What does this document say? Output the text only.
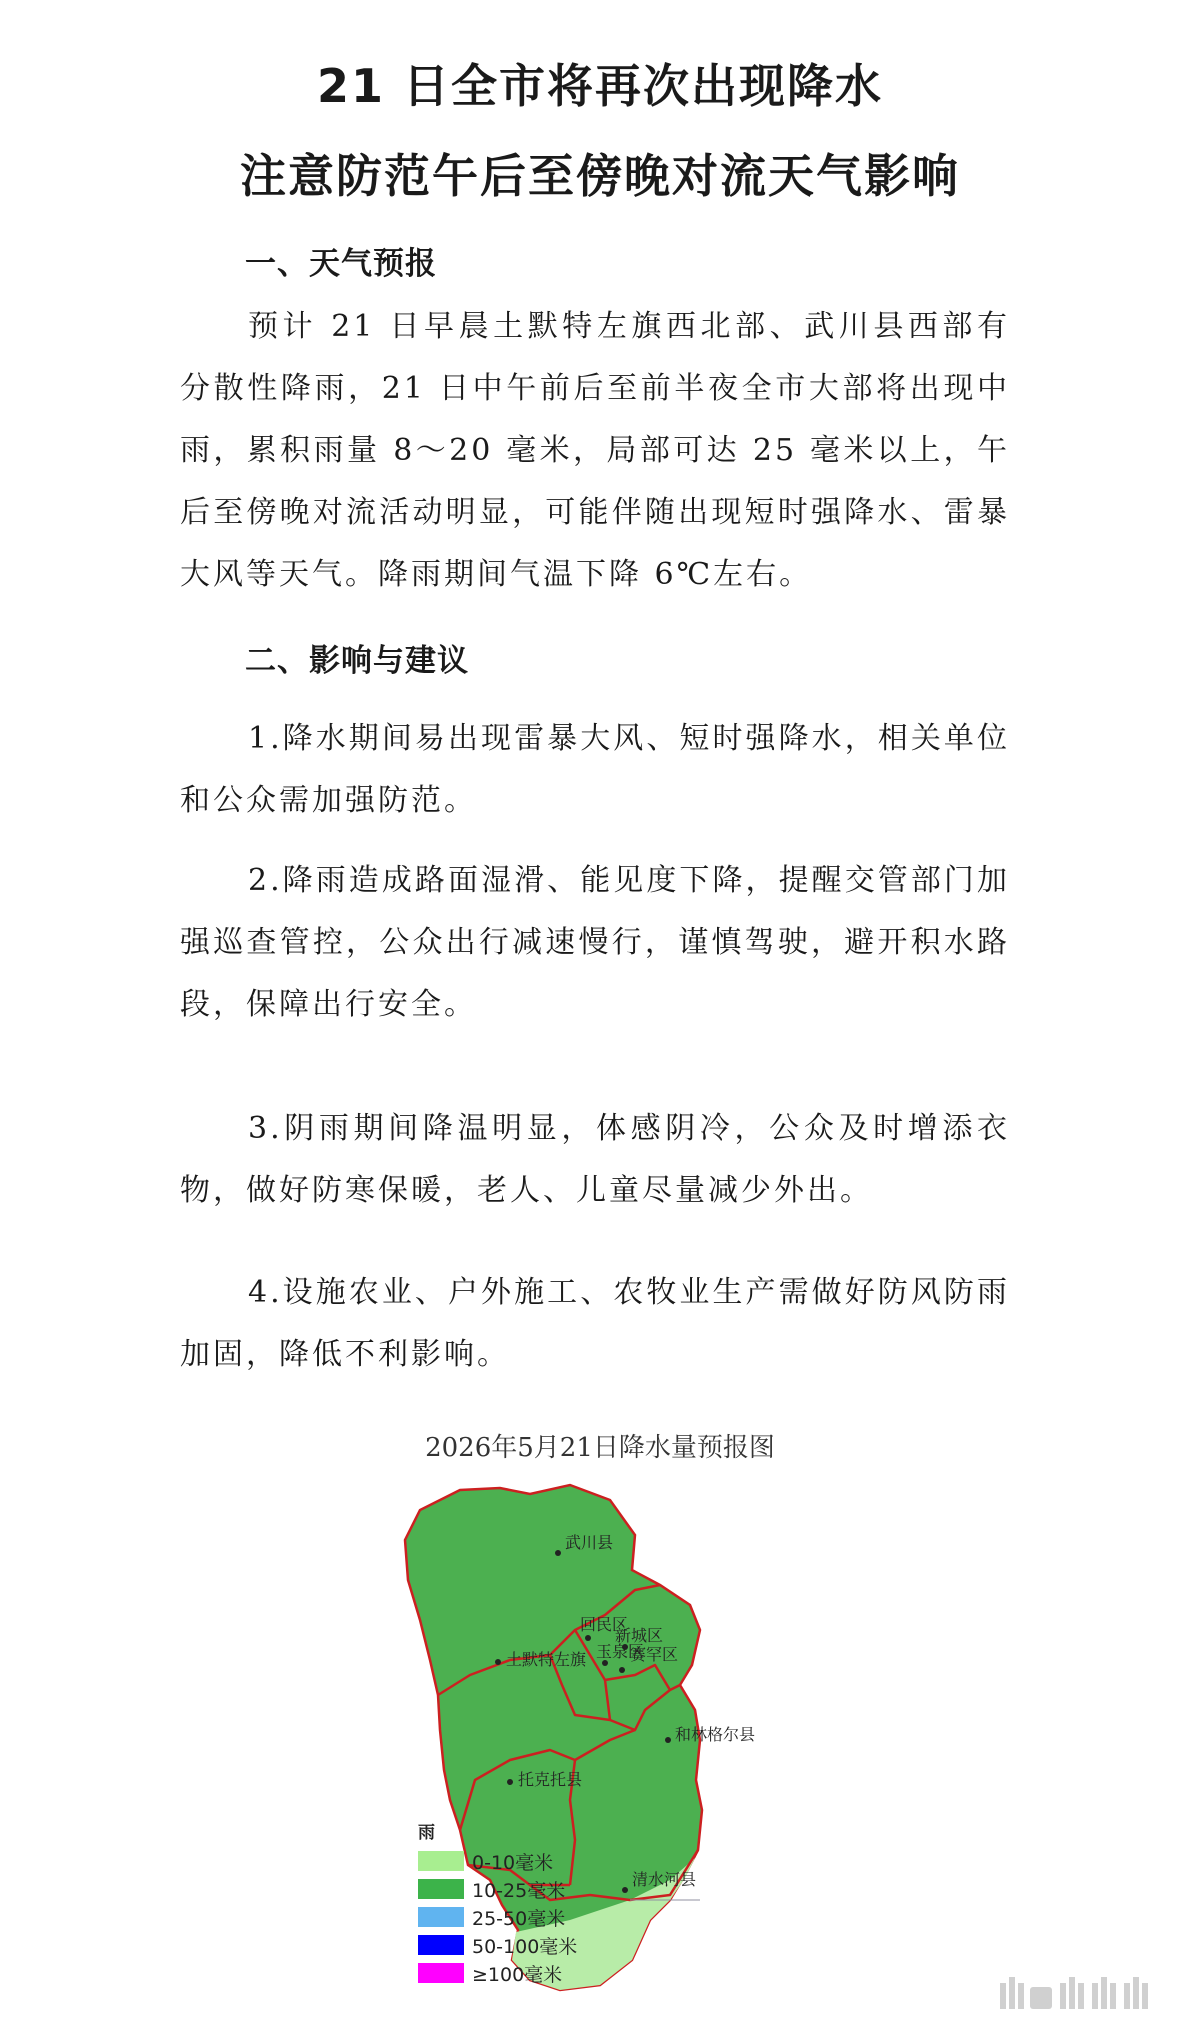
21 日全市将再次出现降水
注意防范午后至傍晚对流天气影响
一、天气预报

预计 21 日早晨土默特左旗西北部、武川县西部有分散性降雨，21 日中午前后至前半夜全市大部将出现中雨，累积雨量 8～20 毫米，局部可达 25 毫米以上，午后至傍晚对流活动明显，可能伴随出现短时强降水、雷暴大风等天气。降雨期间气温下降 6℃左右。

二、影响与建议

1.降水期间易出现雷暴大风、短时强降水，相关单位和公众需加强防范。

2.降雨造成路面湿滑、能见度下降，提醒交管部门加强巡查管控，公众出行减速慢行，谨慎驾驶，避开积水路段，保障出行安全。

3.阴雨期间降温明显，体感阴冷，公众及时增添衣物，做好防寒保暖，老人、儿童尽量减少外出。

4.设施农业、户外施工、农牧业生产需做好防风防雨加固，降低不利影响。

2026年5月21日降水量预报图
武川县
回民区
新城区
玉泉区
赛罕区
土默特左旗
和林格尔县
托克托县
清水河县
雨
0-10毫米
10-25毫米
25-50毫米
50-100毫米
≥100毫米
